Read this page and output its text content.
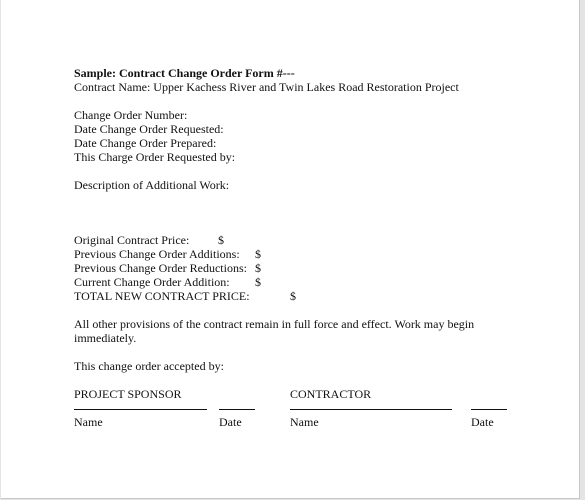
Sample: Contract Change Order Form #---
Contract Name: Upper Kachess River and Twin Lakes Road Restoration Project
Change Order Number:
Date Change Order Requested:
Date Change Order Prepared:
This Charge Order Requested by:
Description of Additional Work:
Original Contract Price: $
Previous Change Order Additions: $
Previous Change Order Reductions: $
Current Change Order Addition: $
TOTAL NEW CONTRACT PRICE:	$
All other provisions of the contract remain in full force and effect. Work may begin immediately.
This change order accepted by:
PROJECT SPONSOR	CONTRACTOR
Name	Date	Name	Date
